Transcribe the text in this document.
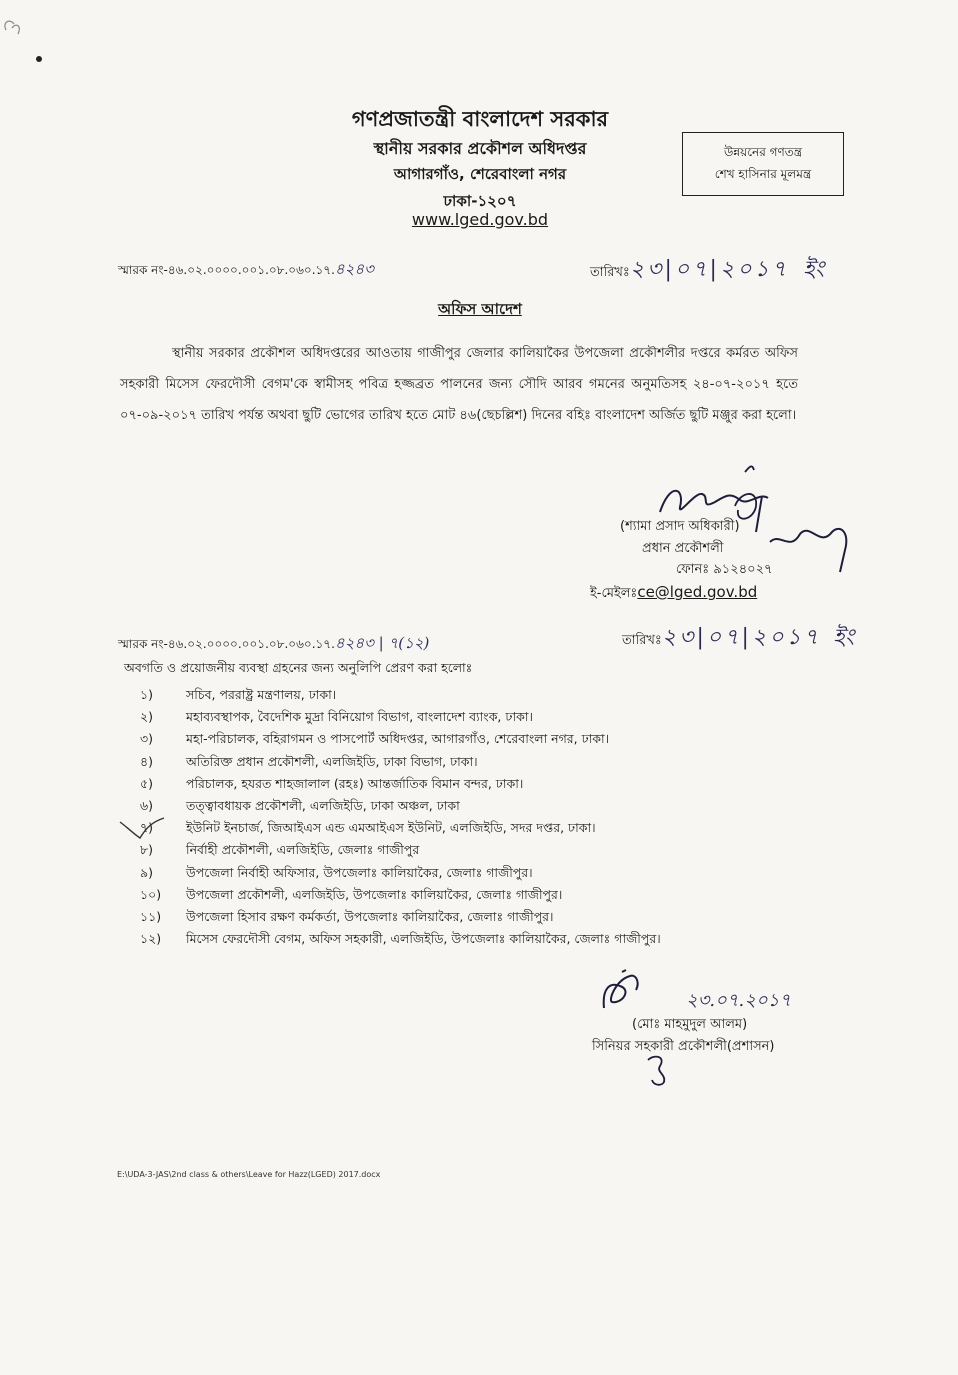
গণপ্রজাতন্ত্রী বাংলাদেশ সরকার
স্থানীয় সরকার প্রকৌশল অধিদপ্তর
আগারগাঁও, শেরেবাংলা নগর
ঢাকা-১২০৭
www.lged.gov.bd
উন্নয়নের গণতন্ত্র
শেখ হাসিনার মূলমন্ত্র
স্মারক নং-৪৬.০২.০০০০.০০১.০৮.০৬০.১৭.৪২৪৩	তারিখঃ২৩|০৭|২০১৭ ইং
অফিস আদেশ
স্থানীয় সরকার প্রকৌশল অধিদপ্তরের আওতায় গাজীপুর জেলার কালিয়াকৈর উপজেলা প্রকৌশলীর দপ্তরে কর্মরত অফিস সহকারী মিসেস ফেরদৌসী বেগম'কে স্বামীসহ পবিত্র হজ্জব্রত পালনের জন্য সৌদি আরব গমনের অনুমতিসহ ২৪-০৭-২০১৭ হতে ০৭-০৯-২০১৭ তারিখ পর্যন্ত অথবা ছুটি ভোগের তারিখ হতে মোট ৪৬(ছেচল্লিশ) দিনের বহিঃ বাংলাদেশ অর্জিত ছুটি মঞ্জুর করা হলো।
(শ্যামা প্রসাদ অধিকারী)
প্রধান প্রকৌশলী
ফোনঃ ৯১২৪০২৭
ই-মেইলঃce@lged.gov.bd
স্মারক নং-৪৬.০২.০০০০.০০১.০৮.০৬০.১৭.৪২৪৩ | ৭(১২)	তারিখঃ২৩|০৭|২০১৭ ইং
অবগতি ও প্রয়োজনীয় ব্যবস্থা গ্রহনের জন্য অনুলিপি প্রেরণ করা হলোঃ
১)	সচিব, পররাষ্ট্র মন্ত্রণালয়, ঢাকা।
২)	মহাব্যবস্থাপক, বৈদেশিক মুদ্রা বিনিয়োগ বিভাগ, বাংলাদেশ ব্যাংক, ঢাকা।
৩)	মহা-পরিচালক, বহিরাগমন ও পাসপোর্ট অধিদপ্তর, আগারগাঁও, শেরেবাংলা নগর, ঢাকা।
৪)	অতিরিক্ত প্রধান প্রকৌশলী, এলজিইডি, ঢাকা বিভাগ, ঢাকা।
৫)	পরিচালক, হযরত শাহজালাল (রহঃ) আন্তর্জাতিক বিমান বন্দর, ঢাকা।
৬)	তত্ত্বাবধায়ক প্রকৌশলী, এলজিইডি, ঢাকা অঞ্চল, ঢাকা
৭)	ইউনিট ইনচার্জ, জিআইএস এন্ড এমআইএস ইউনিট, এলজিইডি, সদর দপ্তর, ঢাকা।
৮)	নির্বাহী প্রকৌশলী, এলজিইডি, জেলাঃ গাজীপুর
৯)	উপজেলা নির্বাহী অফিসার, উপজেলাঃ কালিয়াকৈর, জেলাঃ গাজীপুর।
১০) উপজেলা প্রকৌশলী, এলজিইডি, উপজেলাঃ কালিয়াকৈর, জেলাঃ গাজীপুর।
১১) উপজেলা হিসাব রক্ষণ কর্মকর্তা, উপজেলাঃ কালিয়াকৈর, জেলাঃ গাজীপুর।
১২) মিসেস ফেরদৌসী বেগম, অফিস সহকারী, এলজিইডি, উপজেলাঃ কালিয়াকৈর, জেলাঃ গাজীপুর।
২৩.০৭.২০১৭
(মোঃ মাহমুদুল আলম)
সিনিয়র সহকারী প্রকৌশলী(প্রশাসন)
E:\UDA-3-JAS\2nd class & others\Leave for Hazz(LGED) 2017.docx
